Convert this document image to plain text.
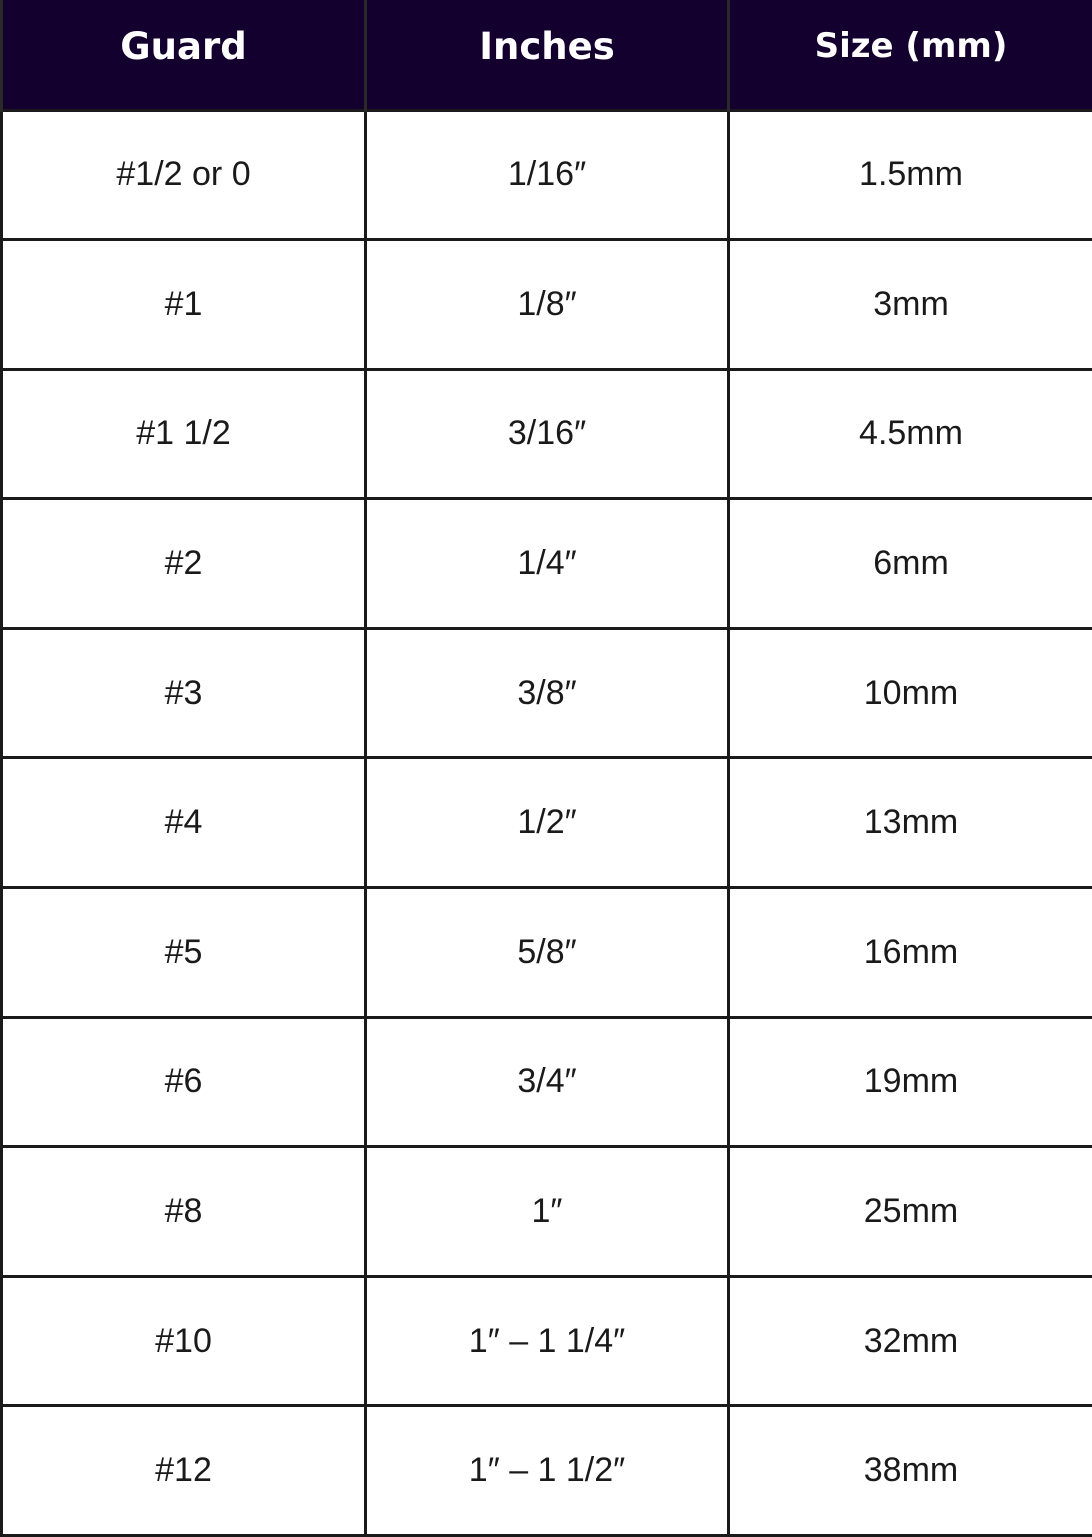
Guard	Inches	Size (mm)
#1/2 or 0	1/16″	1.5mm
#1	1/8″	3mm
#1 1/2	3/16″	4.5mm
#2	1/4″	6mm
#3	3/8″	10mm
#4	1/2″	13mm
#5	5/8″	16mm
#6	3/4″	19mm
#8	1″	25mm
#10	1″ – 1 1/4″	32mm
#12	1″ – 1 1/2″	38mm
